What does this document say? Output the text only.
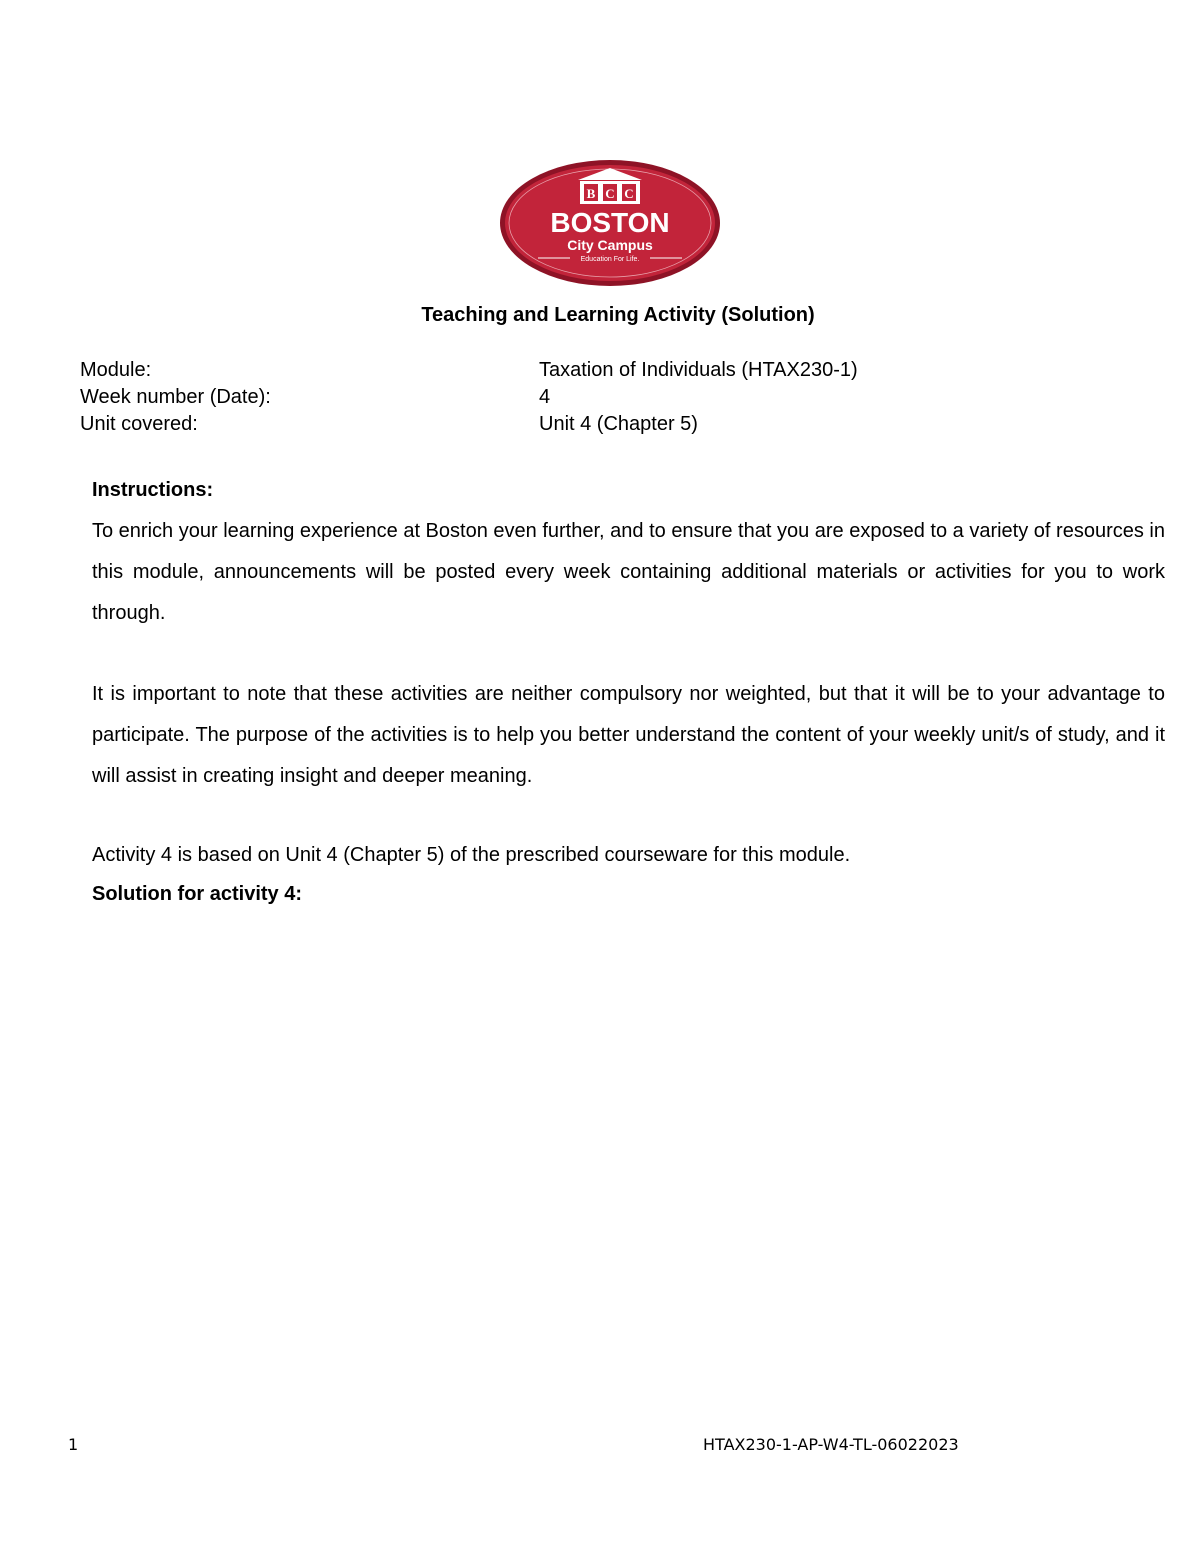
B C C
BOSTON
City Campus
Education For Life.
Teaching and Learning Activity (Solution)
Module:	Taxation of Individuals (HTAX230-1)
Week number (Date):	4
Unit covered:	Unit 4 (Chapter 5)
Instructions:

To enrich your learning experience at Boston even further, and to ensure that you are exposed to a variety of resources in this module, announcements will be posted every week containing additional materials or activities for you to work through.

It is important to note that these activities are neither compulsory nor weighted, but that it will be to your advantage to participate. The purpose of the activities is to help you better understand the content of your weekly unit/s of study, and it will assist in creating insight and deeper meaning.

Activity 4 is based on Unit 4 (Chapter 5) of the prescribed courseware for this module.

Solution for activity 4:
1	HTAX230-1-AP-W4-TL-06022023
